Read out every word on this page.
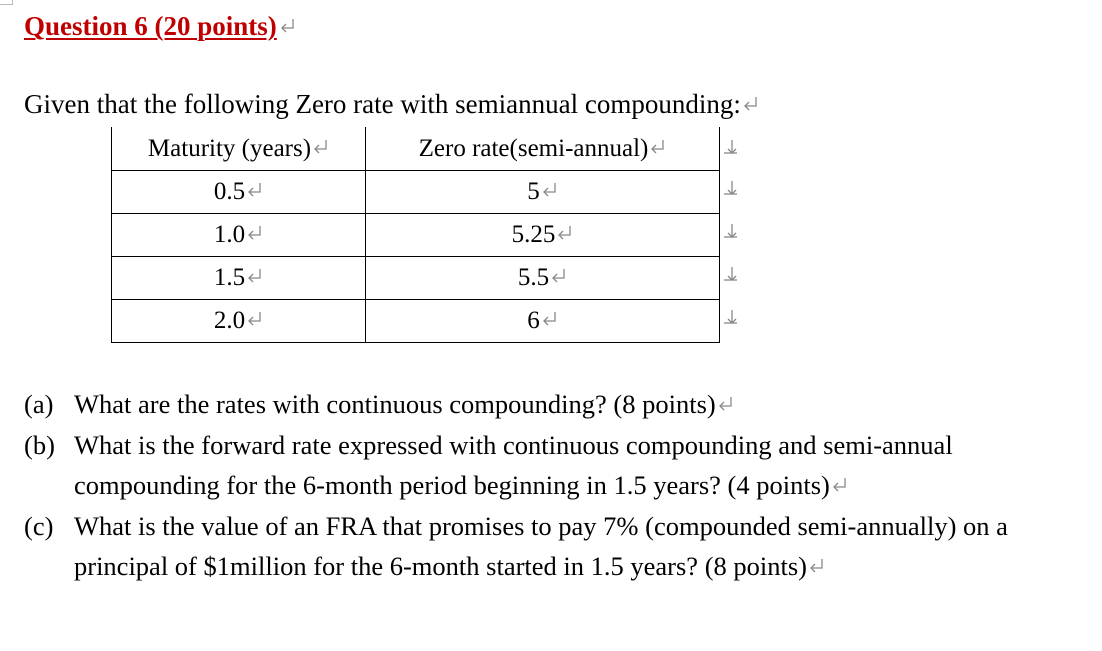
Question 6 (20 points)
Given that the following Zero rate with semiannual compounding:
Maturity (years)	Zero rate(semi-annual)

0.5	5

1.0	5.25

1.5	5.5

2.0	6
(a) What are the rates with continuous compounding? (8 points)
(b) What is the forward rate expressed with continuous compounding and semi-annual compounding for the 6-month period beginning in 1.5 years? (4 points)
(c) What is the value of an FRA that promises to pay 7% (compounded semi-annually) on a principal of $1million for the 6-month started in 1.5 years? (8 points)
